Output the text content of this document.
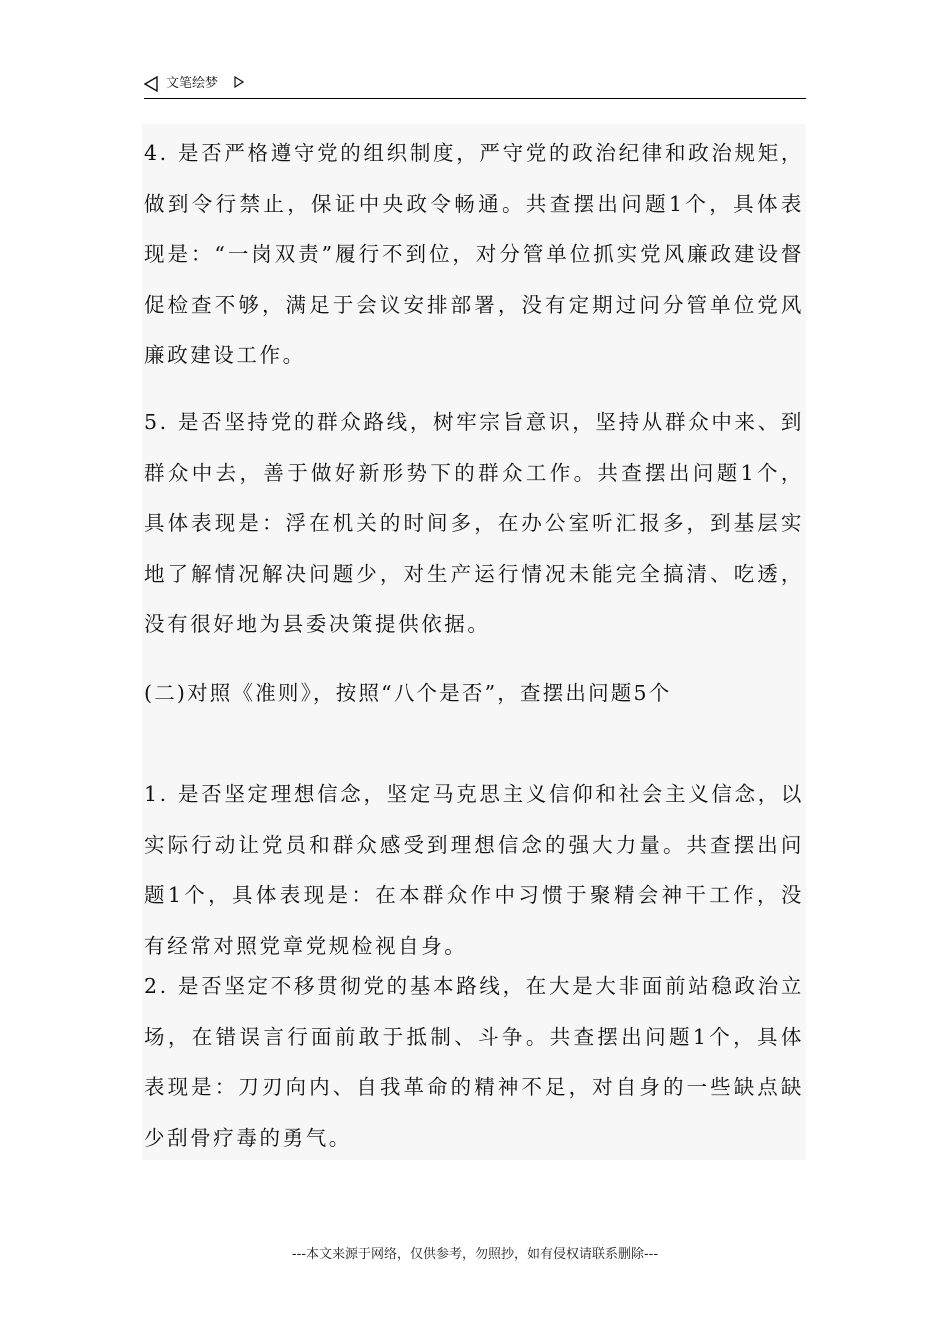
文笔绘梦

4. 是否严格遵守党的组织制度，严守党的政治纪律和政治规矩，做到令行禁止，保证中央政令畅通。共查摆出问题1个，具体表现是：“一岗双责”履行不到位，对分管单位抓实党风廉政建设督促检查不够，满足于会议安排部署，没有定期过问分管单位党风廉政建设工作。

5. 是否坚持党的群众路线，树牢宗旨意识，坚持从群众中来、到群众中去，善于做好新形势下的群众工作。共查摆出问题1个，具体表现是：浮在机关的时间多，在办公室听汇报多，到基层实地了解情况解决问题少，对生产运行情况未能完全搞清、吃透，没有很好地为县委决策提供依据。

(二)对照《准则》，按照“八个是否”，查摆出问题5个

1. 是否坚定理想信念，坚定马克思主义信仰和社会主义信念，以实际行动让党员和群众感受到理想信念的强大力量。共查摆出问题1个，具体表现是：在本群众作中习惯于聚精会神干工作，没有经常对照党章党规检视自身。

2. 是否坚定不移贯彻党的基本路线，在大是大非面前站稳政治立场，在错误言行面前敢于抵制、斗争。共查摆出问题1个，具体表现是：刀刃向内、自我革命的精神不足，对自身的一些缺点缺少刮骨疗毒的勇气。

---本文来源于网络，仅供参考，勿照抄，如有侵权请联系删除---
